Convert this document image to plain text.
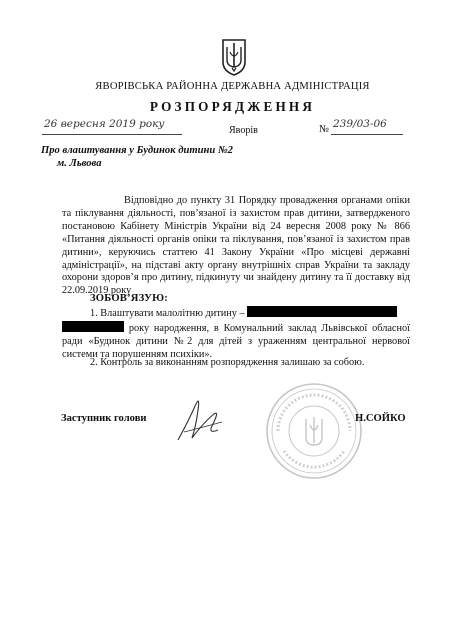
ЯВОРІВСЬКА РАЙОННА ДЕРЖАВНА АДМІНІСТРАЦІЯ
РОЗПОРЯДЖЕННЯ
26 вересня 2019 року
Яворів	№ 239/03-06
Про влаштування у Будинок дитини №2
м. Львова
Відповідно до пункту 31 Порядку провадження органами опіки та піклування діяльності, пов’язаної із захистом прав дитини, затвердженого постановою Кабінету Міністрів України від 24 вересня 2008 року № 866 «Питання діяльності органів опіки та піклування, пов’язаної із захистом прав дитини», керуючись статтею 41 Закону України «Про місцеві державні адміністрації», на підставі акту органу внутрішніх справ України та закладу охорони здоров’я про дитину, підкинуту чи знайдену дитину та її доставку від 22.09.2019 року
ЗОБОВ’ЯЗУЮ:
1. Влаштувати малолітню дитину –
року народження, в Комунальний заклад Львівської обласної ради «Будинок дитини №2 для дітей з ураженням центральної нервової системи та порушенням психіки».
2. Контроль за виконанням розпорядження залишаю за собою.
Заступник голови	Н.СОЙКО
